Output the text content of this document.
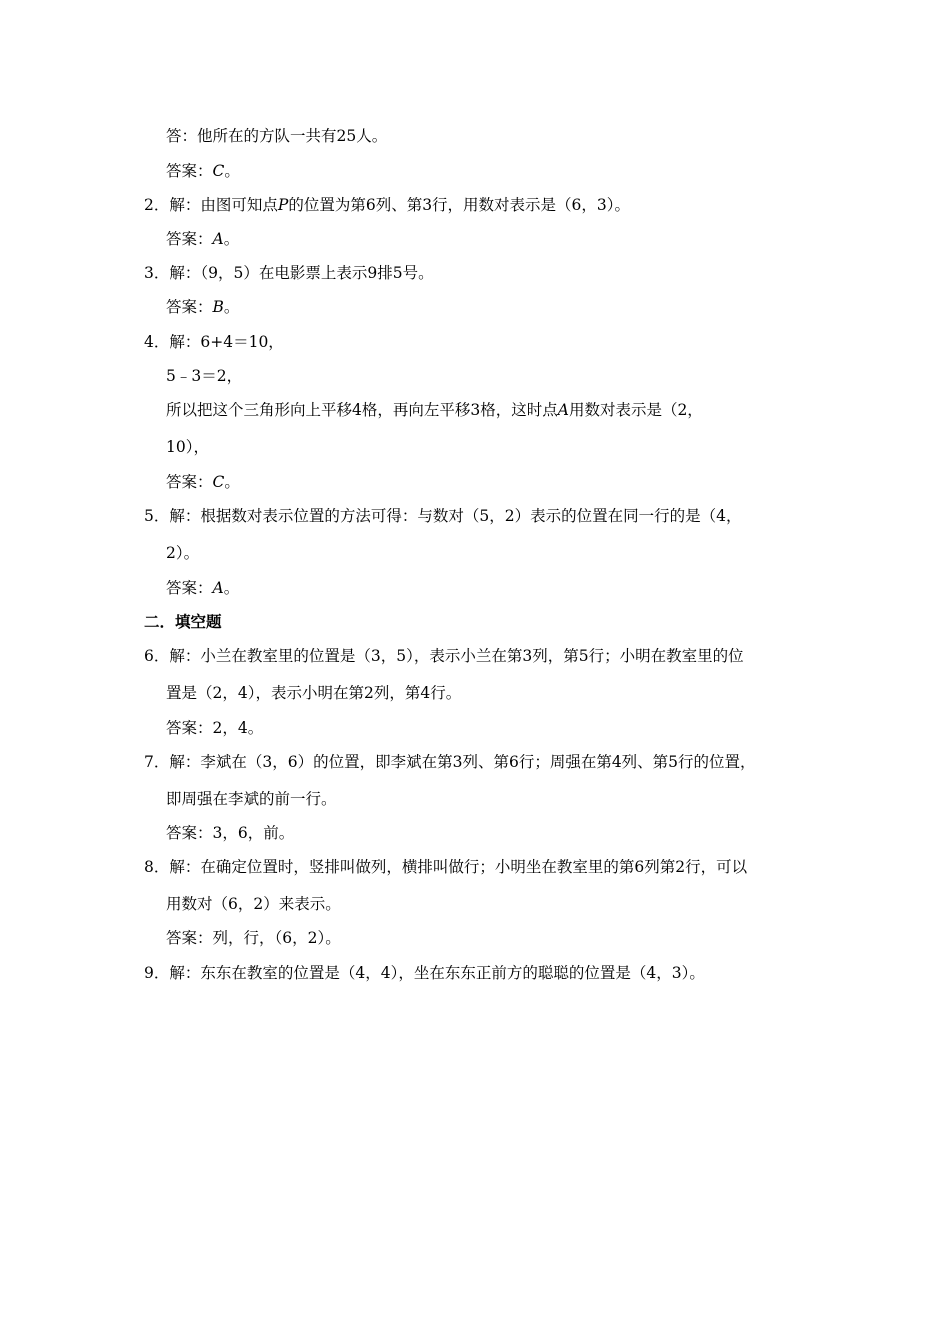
答：他所在的方队一共有25人。
答案：C。
2．解：由图可知点P的位置为第6列、第3行，用数对表示是（6，3）。
答案：A。
3．解：（9，5）在电影票上表示9排5号。
答案：B。
4．解：6+4＝10，
5﹣3＝2，
所以把这个三角形向上平移4格，再向左平移3格，这时点A用数对表示是（2，
10），
答案：C。
5．解：根据数对表示位置的方法可得：与数对（5，2）表示的位置在同一行的是（4，
2）。
答案：A。
二．填空题
6．解：小兰在教室里的位置是（3，5），表示小兰在第3列，第5行；小明在教室里的位
置是（2，4），表示小明在第2列，第4行。
答案：2，4。
7．解：李斌在（3，6）的位置，即李斌在第3列、第6行；周强在第4列、第5行的位置，
即周强在李斌的前一行。
答案：3，6，前。
8．解：在确定位置时，竖排叫做列，横排叫做行；小明坐在教室里的第6列第2行，可以
用数对（6，2）来表示。
答案：列，行，（6，2）。
9．解：东东在教室的位置是（4，4），坐在东东正前方的聪聪的位置是（4，3）。
